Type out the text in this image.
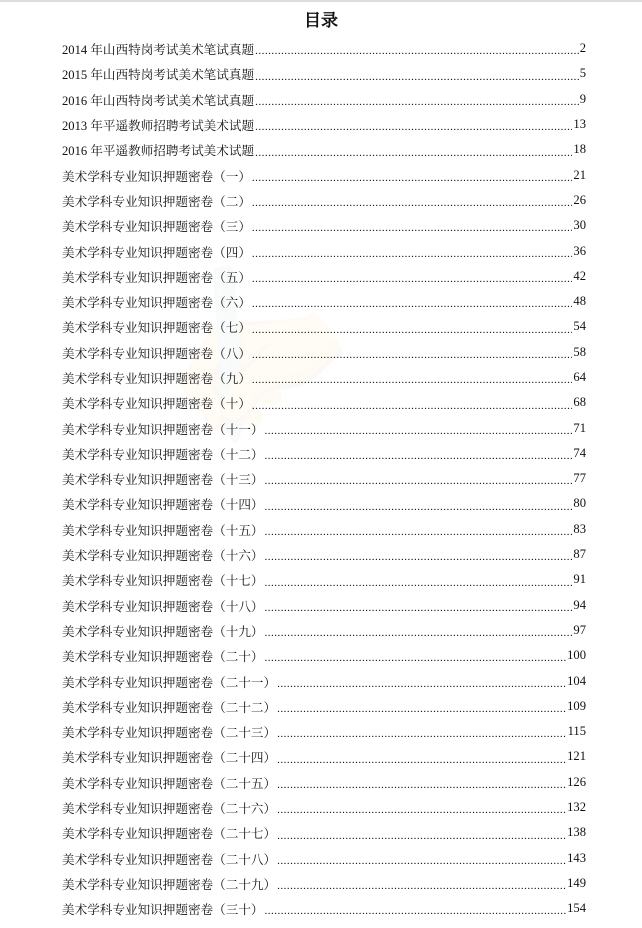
目录
2014 年山西特岗考试美术笔试真题 .....	2
2015 年山西特岗考试美术笔试真题 .....	5
2016 年山西特岗考试美术笔试真题 .....	9
2013 年平遥教师招聘考试美术试题 .....	13
2016 年平遥教师招聘考试美术试题 .....	18
美术学科专业知识押题密卷（一） .....	21
美术学科专业知识押题密卷（二） .....	26
美术学科专业知识押题密卷（三） .....	30
美术学科专业知识押题密卷（四） .....	36
美术学科专业知识押题密卷（五） .....	42
美术学科专业知识押题密卷（六） .....	48
美术学科专业知识押题密卷（七） .....	54
美术学科专业知识押题密卷（八） .....	58
美术学科专业知识押题密卷（九） .....	64
美术学科专业知识押题密卷（十） .....	68
美术学科专业知识押题密卷（十一） .....	71
美术学科专业知识押题密卷（十二） .....	74
美术学科专业知识押题密卷（十三） .....	77
美术学科专业知识押题密卷（十四） .....	80
美术学科专业知识押题密卷（十五） .....	83
美术学科专业知识押题密卷（十六） .....	87
美术学科专业知识押题密卷（十七） .....	91
美术学科专业知识押题密卷（十八） .....	94
美术学科专业知识押题密卷（十九） .....	97
美术学科专业知识押题密卷（二十） .....	100
美术学科专业知识押题密卷（二十一） .....	104
美术学科专业知识押题密卷（二十二） .....	109
美术学科专业知识押题密卷（二十三） .....	115
美术学科专业知识押题密卷（二十四） .....	121
美术学科专业知识押题密卷（二十五） .....	126
美术学科专业知识押题密卷（二十六） .....	132
美术学科专业知识押题密卷（二十七） .....	138
美术学科专业知识押题密卷（二十八） .....	143
美术学科专业知识押题密卷（二十九） .....	149
美术学科专业知识押题密卷（三十） .....	154
